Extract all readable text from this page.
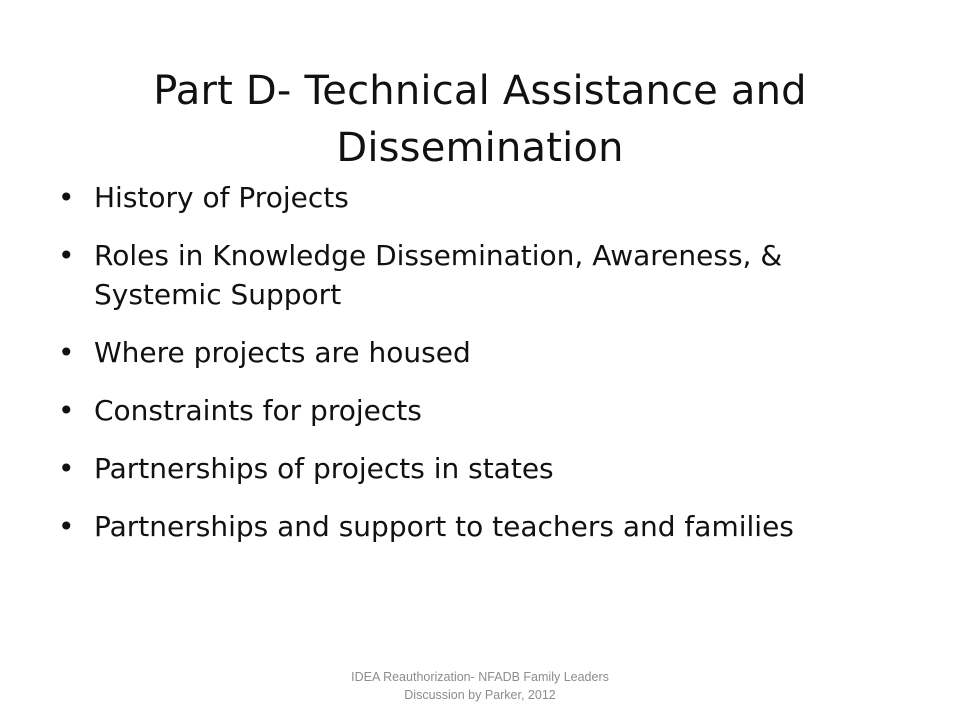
Part D- Technical Assistance and Dissemination
• History of Projects
• Roles in Knowledge Dissemination, Awareness, & Systemic Support
• Where projects are housed
• Constraints for projects
• Partnerships of projects in states
• Partnerships and support to teachers and families
IDEA Reauthorization- NFADB Family Leaders Discussion by Parker, 2012
